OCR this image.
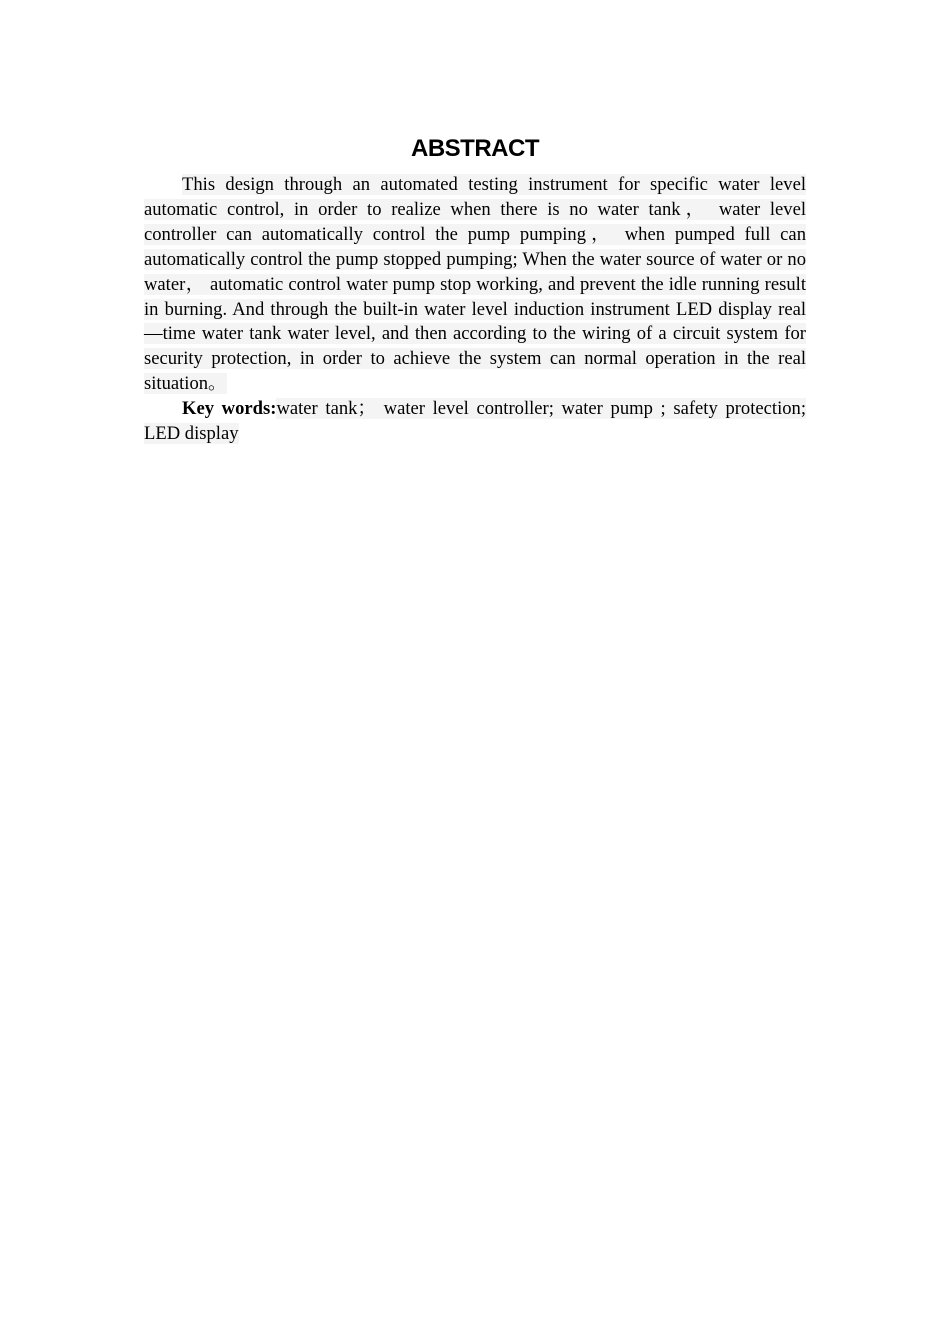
ABSTRACT

This design through an automated testing instrument for specific water level automatic control, in order to realize when there is no water tank， water level controller can automatically control the pump pumping， when pumped full can automatically control the pump stopped pumping; When the water source of water or no water， automatic control water pump stop working, and prevent the idle running result in burning. And through the built-in water level induction instrument LED display real—time water tank water level, and then according to the wiring of a circuit system for security protection, in order to achieve the system can normal operation in the real situation。

Key words:water tank； water level controller; water pump ; safety protection; LED display
